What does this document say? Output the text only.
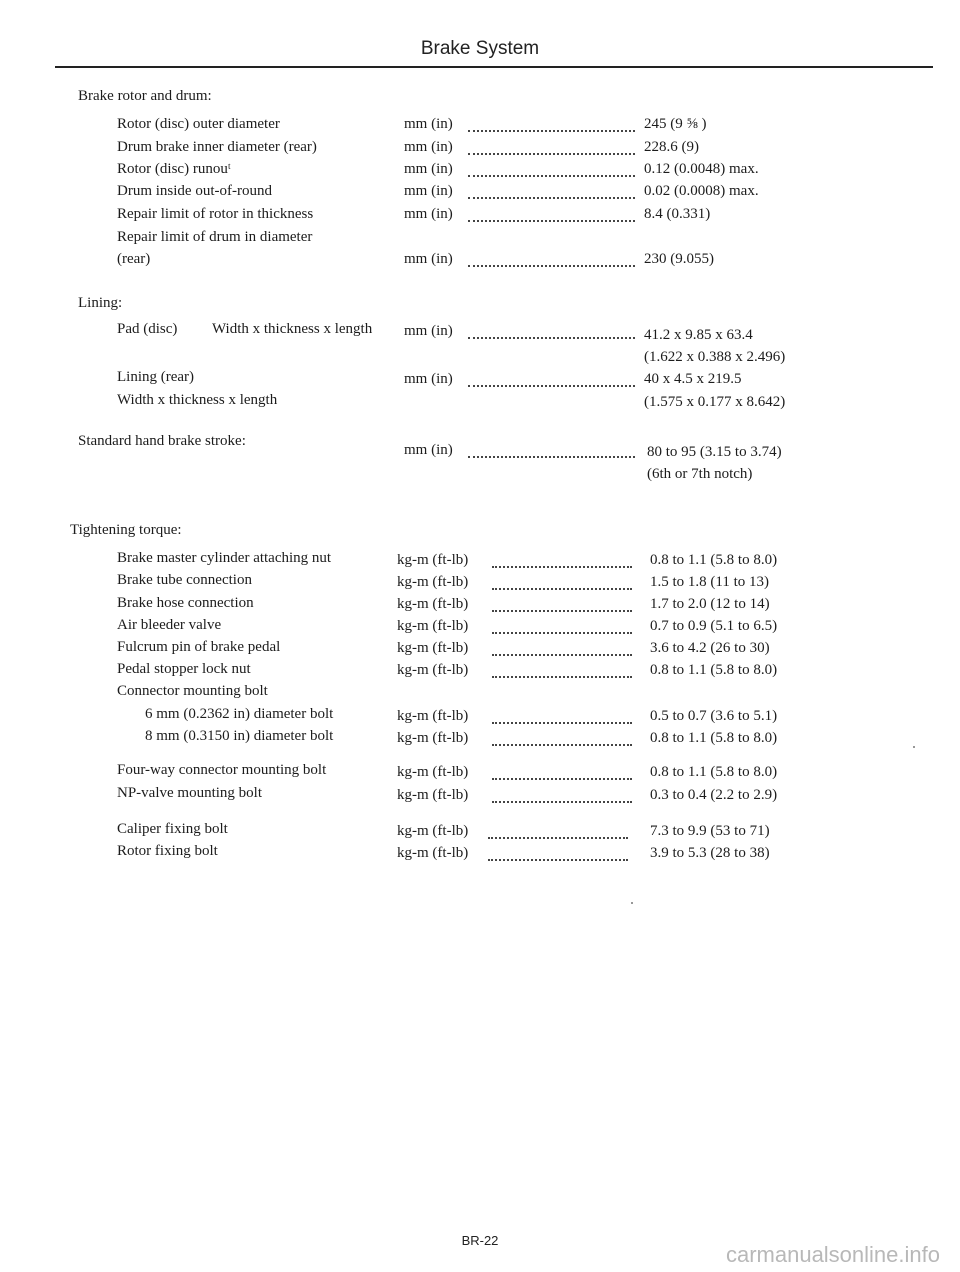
Brake System
Brake rotor and drum:
Rotor (disc) outer diameter	mm (in)	245 (9 ⅝ )
Drum brake inner diameter (rear)	mm (in)	228.6 (9)
Rotor (disc) runouᵗ	mm (in)	0.12 (0.0048) max.
Drum inside out-of-round	mm (in)	0.02 (0.0008) max.
Repair limit of rotor in thickness	mm (in)	8.4 (0.331)
Repair limit of drum in diameter
(rear)	mm (in)	230 (9.055)
Lining:
Pad (disc) Width x thickness x length mm (in)	41.2 x 9.85 x 63.4
(1.622 x 0.388 x 2.496)
Lining (rear)
Width x thickness x length
mm (in)	40 x 4.5 x 219.5
(1.575 x 0.177 x 8.642)
Standard hand brake stroke:
mm (in)	80 to 95 (3.15 to 3.74)
(6th or 7th notch)
Tightening torque:
Brake master cylinder attaching nut	kg-m (ft-lb)	0.8 to 1.1 (5.8 to 8.0)
Brake tube connection	kg-m (ft-lb)	1.5 to 1.8 (11 to 13)
Brake hose connection	kg-m (ft-lb)	1.7 to 2.0 (12 to 14)
Air bleeder valve	kg-m (ft-lb)	0.7 to 0.9 (5.1 to 6.5)
Fulcrum pin of brake pedal	kg-m (ft-lb)	3.6 to 4.2 (26 to 30)
Pedal stopper lock nut	kg-m (ft-lb)	0.8 to 1.1 (5.8 to 8.0)
Connector mounting bolt
6 mm (0.2362 in) diameter bolt	kg-m (ft-lb)	0.5 to 0.7 (3.6 to 5.1)
8 mm (0.3150 in) diameter bolt	kg-m (ft-lb)	0.8 to 1.1 (5.8 to 8.0)
Four-way connector mounting bolt	kg-m (ft-lb)	0.8 to 1.1 (5.8 to 8.0)
NP-valve mounting bolt	kg-m (ft-lb)	0.3 to 0.4 (2.2 to 2.9)
Caliper fixing bolt	kg-m (ft-lb)	7.3 to 9.9 (53 to 71)
Rotor fixing bolt	kg-m (ft-lb)	3.9 to 5.3 (28 to 38)
BR-22
carmanualsonline.info
